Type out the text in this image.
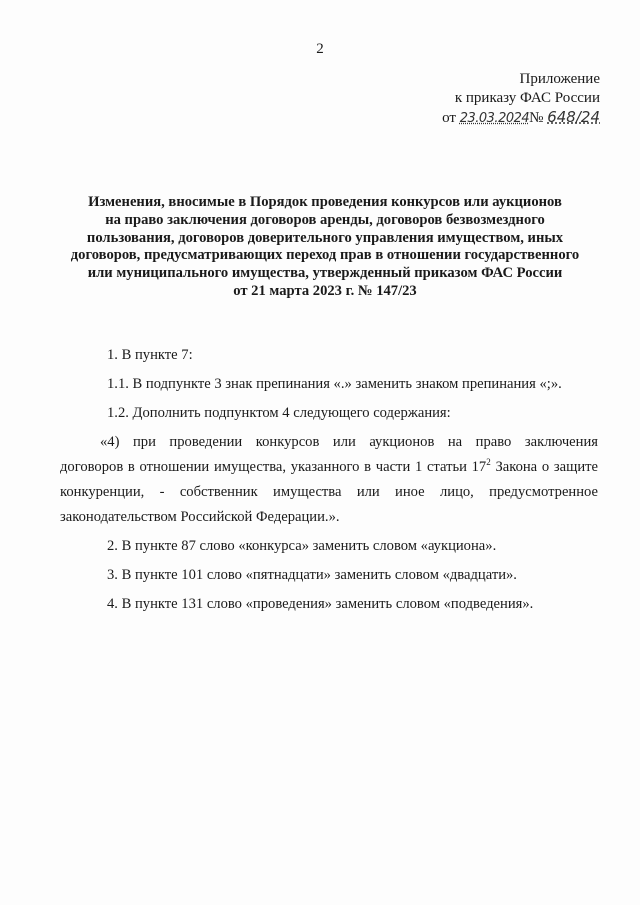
2
Приложение
к приказу ФАС России
от 23.03.2024№ 648/24
Изменения, вносимые в Порядок проведения конкурсов или аукционов
на право заключения договоров аренды, договоров безвозмездного
пользования, договоров доверительного управления имуществом, иных
договоров, предусматривающих переход прав в отношении государственного
или муниципального имущества, утвержденный приказом ФАС России
от 21 марта 2023 г. № 147/23

1. В пункте 7:

1.1. В подпункте 3 знак препинания «.» заменить знаком препинания «;».

1.2. Дополнить подпунктом 4 следующего содержания:

«4) при проведении конкурсов или аукционов на право заключения
договоров в отношении имущества, указанного в части 1 статьи $17^2$ Закона о защите
конкуренции, - собственник имущества или иное лицо, предусмотренное
законодательством Российской Федерации.».

2. В пункте 87 слово «конкурса» заменить словом «аукциона».

3. В пункте 101 слово «пятнадцати» заменить словом «двадцати».

4. В пункте 131 слово «проведения» заменить словом «подведения».
